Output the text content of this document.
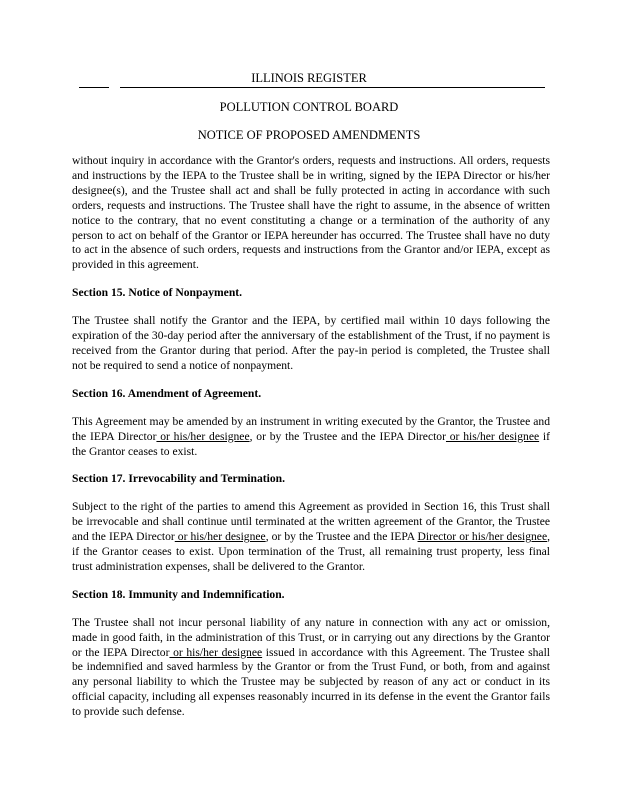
ILLINOIS REGISTER
POLLUTION CONTROL BOARD
NOTICE OF PROPOSED AMENDMENTS

without inquiry in accordance with the Grantor's orders, requests and instructions. All orders, requests and instructions by the IEPA to the Trustee shall be in writing, signed by the IEPA Director or his/her designee(s), and the Trustee shall act and shall be fully protected in acting in accordance with such orders, requests and instructions. The Trustee shall have the right to assume, in the absence of written notice to the contrary, that no event constituting a change or a termination of the authority of any person to act on behalf of the Grantor or IEPA hereunder has occurred. The Trustee shall have no duty to act in the absence of such orders, requests and instructions from the Grantor and/or IEPA, except as provided in this agreement.

Section 15. Notice of Nonpayment.

The Trustee shall notify the Grantor and the IEPA, by certified mail within 10 days following the expiration of the 30-day period after the anniversary of the establishment of the Trust, if no payment is received from the Grantor during that period. After the pay-in period is completed, the Trustee shall not be required to send a notice of nonpayment.

Section 16. Amendment of Agreement.

This Agreement may be amended by an instrument in writing executed by the Grantor, the Trustee and the IEPA Director or his/her designee, or by the Trustee and the IEPA Director or his/her designee if the Grantor ceases to exist.

Section 17. Irrevocability and Termination.

Subject to the right of the parties to amend this Agreement as provided in Section 16, this Trust shall be irrevocable and shall continue until terminated at the written agreement of the Grantor, the Trustee and the IEPA Director or his/her designee, or by the Trustee and the IEPA Director or his/her designee, if the Grantor ceases to exist. Upon termination of the Trust, all remaining trust property, less final trust administration expenses, shall be delivered to the Grantor.

Section 18. Immunity and Indemnification.

The Trustee shall not incur personal liability of any nature in connection with any act or omission, made in good faith, in the administration of this Trust, or in carrying out any directions by the Grantor or the IEPA Director or his/her designee issued in accordance with this Agreement. The Trustee shall be indemnified and saved harmless by the Grantor or from the Trust Fund, or both, from and against any personal liability to which the Trustee may be subjected by reason of any act or conduct in its official capacity, including all expenses reasonably incurred in its defense in the event the Grantor fails to provide such defense.
